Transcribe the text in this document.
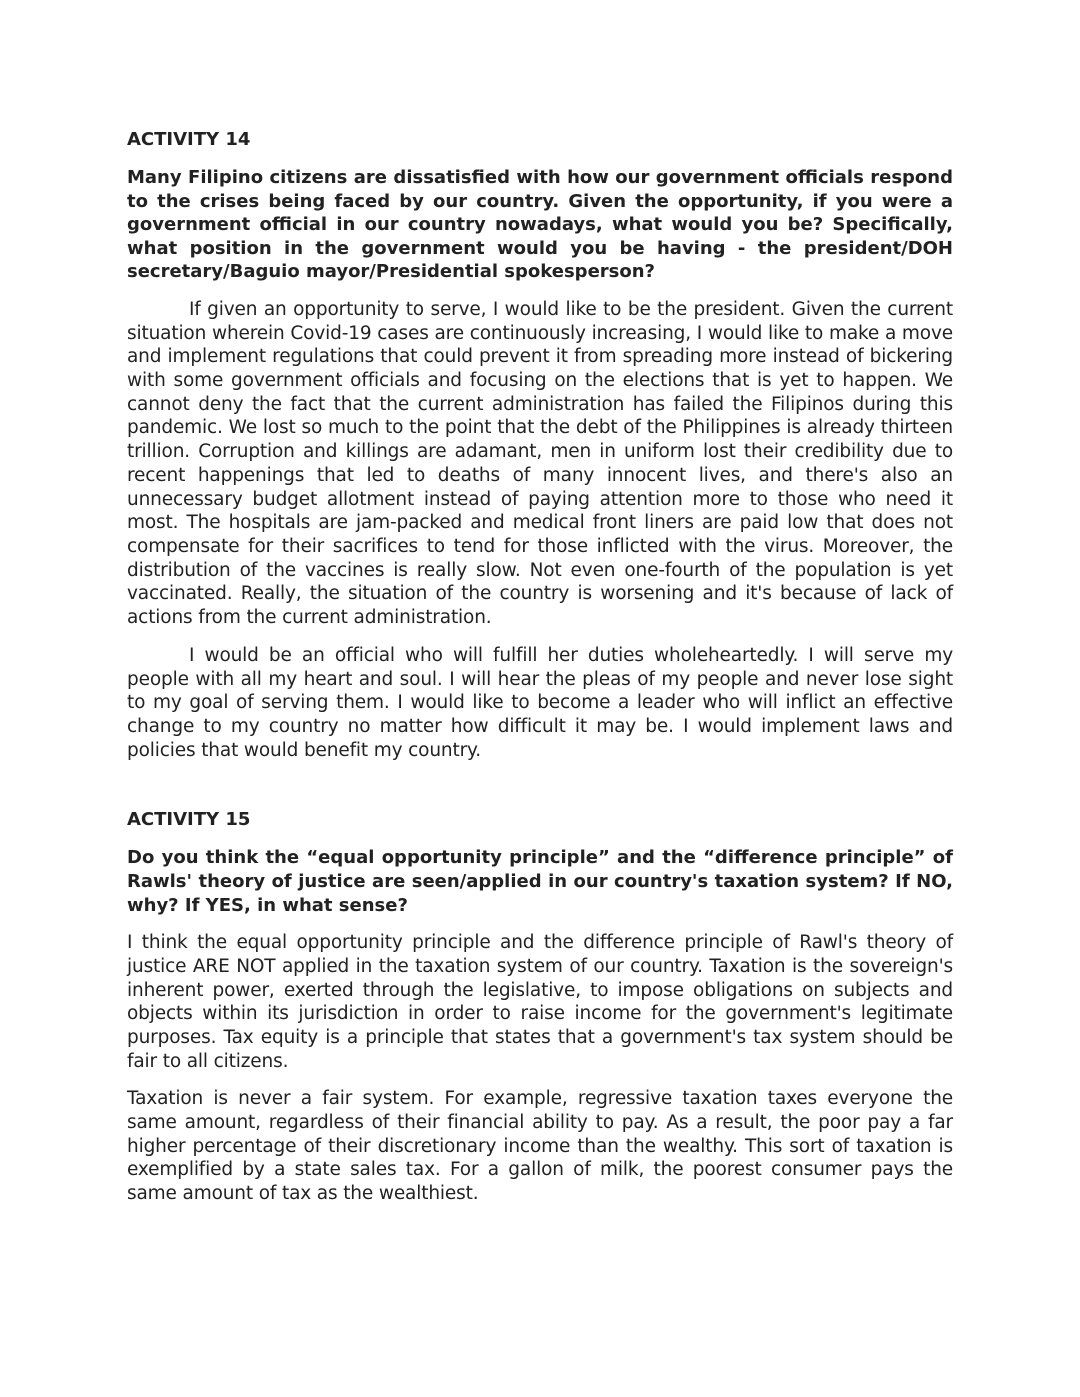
ACTIVITY 14

Many Filipino citizens are dissatisfied with how our government officials respond to the crises being faced by our country. Given the opportunity, if you were a government official in our country nowadays, what would you be? Specifically, what position in the government would you be having - the president/DOH secretary/Baguio mayor/Presidential spokesperson?

If given an opportunity to serve, I would like to be the president. Given the current situation wherein Covid-19 cases are continuously increasing, I would like to make a move and implement regulations that could prevent it from spreading more instead of bickering with some government officials and focusing on the elections that is yet to happen. We cannot deny the fact that the current administration has failed the Filipinos during this pandemic. We lost so much to the point that the debt of the Philippines is already thirteen trillion. Corruption and killings are adamant, men in uniform lost their credibility due to recent happenings that led to deaths of many innocent lives, and there's also an unnecessary budget allotment instead of paying attention more to those who need it most. The hospitals are jam-packed and medical front liners are paid low that does not compensate for their sacrifices to tend for those inflicted with the virus. Moreover, the distribution of the vaccines is really slow. Not even one-fourth of the population is yet vaccinated. Really, the situation of the country is worsening and it's because of lack of actions from the current administration.

I would be an official who will fulfill her duties wholeheartedly. I will serve my people with all my heart and soul. I will hear the pleas of my people and never lose sight to my goal of serving them. I would like to become a leader who will inflict an effective change to my country no matter how difficult it may be. I would implement laws and policies that would benefit my country.

ACTIVITY 15

Do you think the “equal opportunity principle” and the “difference principle” of Rawls' theory of justice are seen/applied in our country's taxation system? If NO, why? If YES, in what sense?

I think the equal opportunity principle and the difference principle of Rawl's theory of justice ARE NOT applied in the taxation system of our country. Taxation is the sovereign's inherent power, exerted through the legislative, to impose obligations on subjects and objects within its jurisdiction in order to raise income for the government's legitimate purposes. Tax equity is a principle that states that a government's tax system should be fair to all citizens.

Taxation is never a fair system. For example, regressive taxation taxes everyone the same amount, regardless of their financial ability to pay. As a result, the poor pay a far higher percentage of their discretionary income than the wealthy. This sort of taxation is exemplified by a state sales tax. For a gallon of milk, the poorest consumer pays the same amount of tax as the wealthiest.
